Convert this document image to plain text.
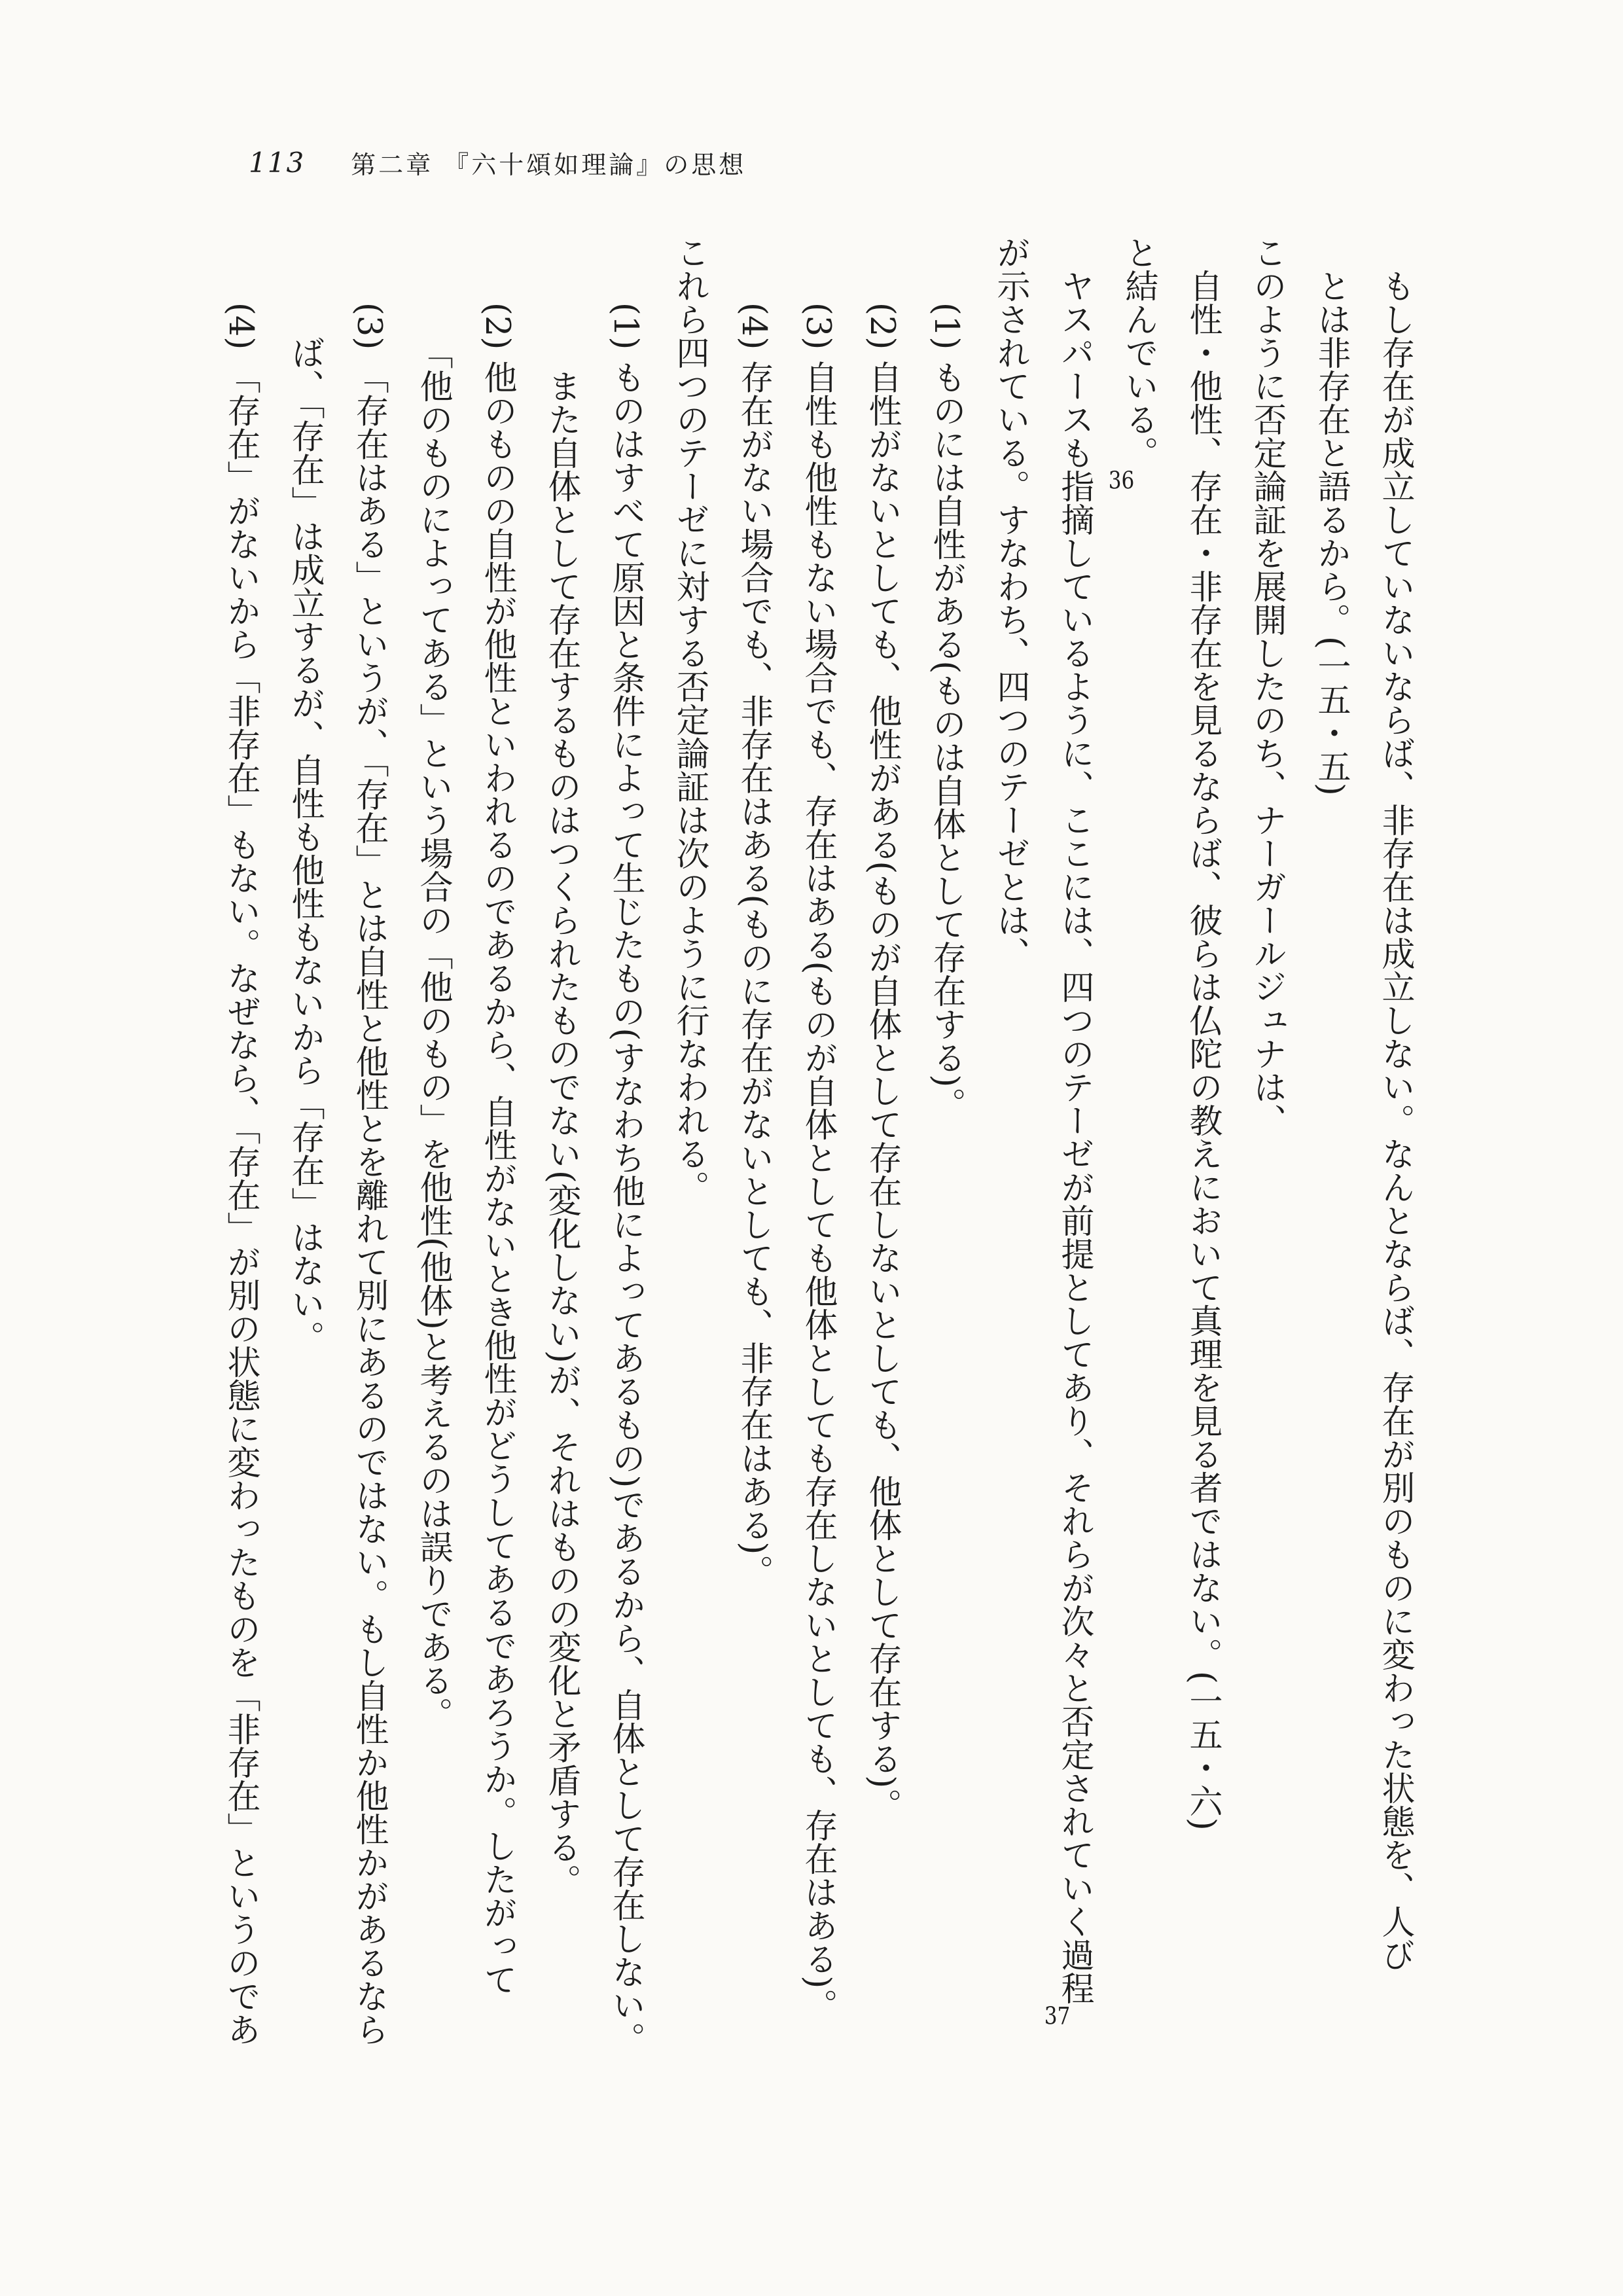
113 第二章 『六十頌如理論』の思想

もし存在が成立していないならば、非存在は成立しない。なんとならば、存在が別のものに変わった状態を、人び

とは非存在と語るから。(一五・五)

このように否定論証を展開したのち、ナーガールジュナは、

自性・他性、存在・非存在を見るならば、彼らは仏陀の教えにおいて真理を見る者ではない。(一五・六)

と結んでいる。36

ヤスパースも指摘しているように、ここには、四つのテーゼが前提としてあり、それらが次々と否定されていく過程37

が示されている。すなわち、四つのテーゼとは、

(1) ものには自性がある(ものは自体として存在する)。

(2) 自性がないとしても、他性がある(ものが自体として存在しないとしても、他体として存在する)。

(3) 自性も他性もない場合でも、存在はある(ものが自体としても他体としても存在しないとしても、存在はある)。

(4) 存在がない場合でも、非存在はある(ものに存在がないとしても、非存在はある)。

これら四つのテーゼに対する否定論証は次のように行なわれる。

(1) ものはすべて原因と条件によって生じたもの(すなわち他によってあるもの)であるから、自体として存在しない。

また自体として存在するものはつくられたものでない(変化しない)が、それはものの変化と矛盾する。

(2) 他のものの自性が他性といわれるのであるから、自性がないとき他性がどうしてあるであろうか。したがって

「他のものによってある」という場合の「他のもの」を他性(他体)と考えるのは誤りである。

(3) 「存在はある」というが、「存在」とは自性と他性とを離れて別にあるのではない。もし自性か他性かがあるなら

ば、「存在」は成立するが、自性も他性もないから「存在」はない。

(4) 「存在」がないから「非存在」もない。なぜなら、「存在」が別の状態に変わったものを「非存在」というのであ
